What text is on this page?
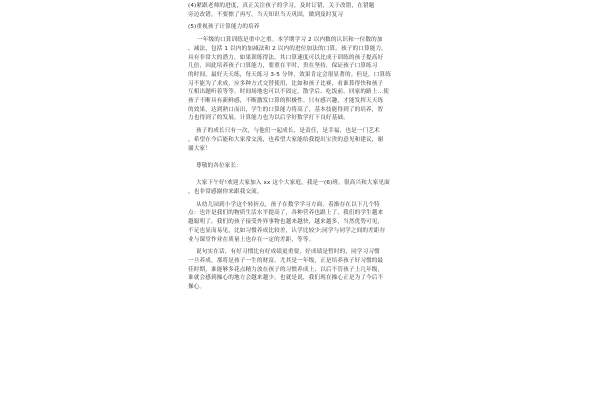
(4)紧跟老师的进度，真正关注孩子的学习，及时订错，关于改错，在错题
旁边改错，不要擦了再写，当天知识当天巩固，做到及时复习
(5)重视孩子计算能力的培养
一年级的口算训练是重中之重。本学期学习 2 以内数的认识和一位数的加
、减法，包括 1 以内的加减法和 2 以内的进位加法的口算。孩子的口算能力，
具有非常大的潜力，如果训练得法，其口算速度可以比成于训练的孩子提高好
几倍，因此培养孩子口算能力，要重在平时，贵在坚持，保证孩子口算练习
的时间。最好天天练，每天练习 3-5 分钟，效果肯定会很显著的。但是，口算练
习不能为了求成，应多种方式交替使用，比如和孩子比赛，看谁算得快和孩子
互相出题听着等等。时间场地也可以不固定，散学后、吃饭前、回家的路上…使
孩子不断具有新鲜感，不断激发口算的积极性。只有感兴趣，才能发挥天天练
的效果，达到熟口而出，学生的口算能力将高了，基本技能得到了的培养，智
力也得到了的发展，计算能力也为以后学好数学打下良好基础。
孩子的成长只有一次，与他们一起成长，是责任，是幸福，也是一门艺术
，希望在今后能和大家常交流，也希望大家能给我提出宝贵的意见和建议，谢
谢大家！
尊敬的各位家长：
大家下午好!欢迎大家加入 xx 这个大家庭，我是一(6)班，很高兴和大家见面
，也非常感谢你来跟我交流。
从幼儿园到小学这个转折点，孩子在数学学习方面，着渐存在以下几个特
点：也许是我们的物质生活水平提高了，各种营养也跟上了，我们的学生越来
越聪明了，我们的孩子接受外界事物也越来越快，越来越多，当然优势可见，
不足也显而易见，比如习惯养成比较差，认学比较少;同学与同学之间的差距存
业与课堂作业在质量上也存在一定的差距，等等。
说句实在话，有好习惯比有好成绩更重要，好成绩是暂时的，同学习习惯
一旦养成，那将是孩子一生的财富。尤其是一年级，正是培养孩子好习惯的最
佳时期，谁能够多花点精力放在孩子的习惯养成上，以后不管孩子上几年级，
谁就会感到操心的地方会越来越少。也就是说，我们现在操心正是为了今后不
操心。
